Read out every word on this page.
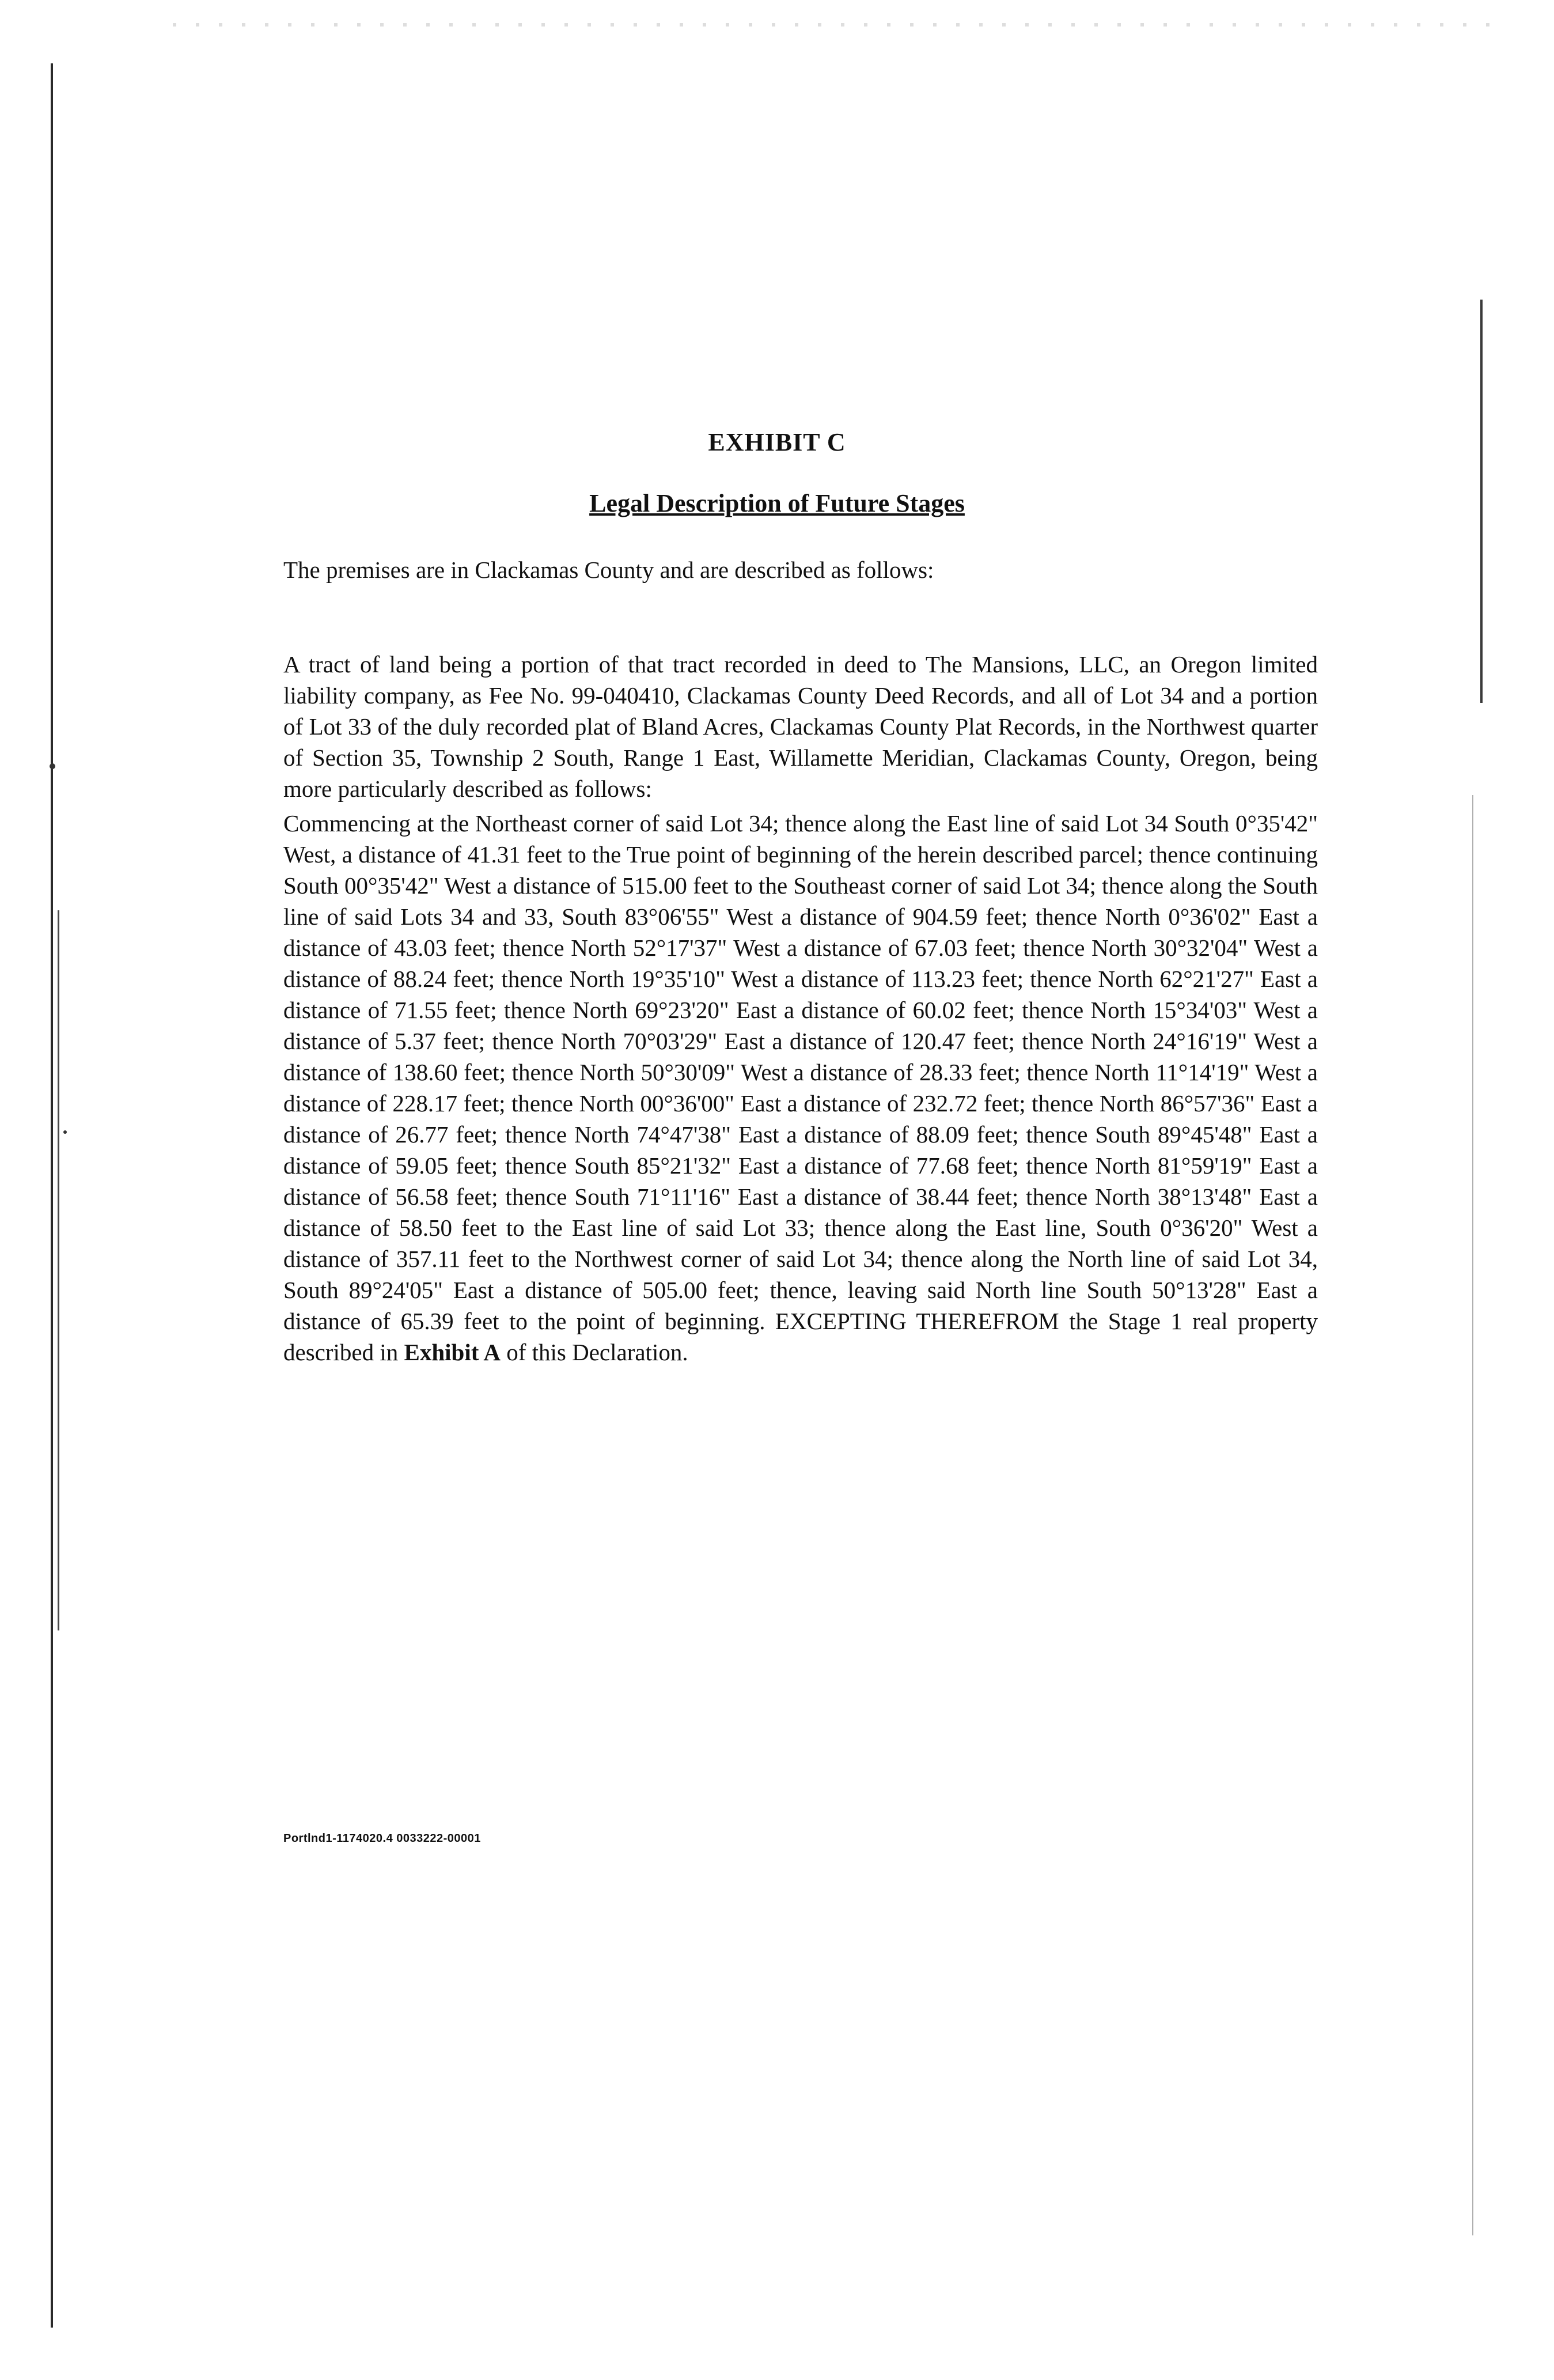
EXHIBIT C
Legal Description of Future Stages

The premises are in Clackamas County and are described as follows:

A tract of land being a portion of that tract recorded in deed to The Mansions, LLC, an Oregon limited liability company, as Fee No. 99-040410, Clackamas County Deed Records, and all of Lot 34 and a portion of Lot 33 of the duly recorded plat of Bland Acres, Clackamas County Plat Records, in the Northwest quarter of Section 35, Township 2 South, Range 1 East, Willamette Meridian, Clackamas County, Oregon, being more particularly described as follows:

Commencing at the Northeast corner of said Lot 34; thence along the East line of said Lot 34 South 0°35'42" West, a distance of 41.31 feet to the True point of beginning of the herein described parcel; thence continuing South 00°35'42" West a distance of 515.00 feet to the Southeast corner of said Lot 34; thence along the South line of said Lots 34 and 33, South 83°06'55" West a distance of 904.59 feet; thence North 0°36'02" East a distance of 43.03 feet; thence North 52°17'37" West a distance of 67.03 feet; thence North 30°32'04" West a distance of 88.24 feet; thence North 19°35'10" West a distance of 113.23 feet; thence North 62°21'27" East a distance of 71.55 feet; thence North 69°23'20" East a distance of 60.02 feet; thence North 15°34'03" West a distance of 5.37 feet; thence North 70°03'29" East a distance of 120.47 feet; thence North 24°16'19" West a distance of 138.60 feet; thence North 50°30'09" West a distance of 28.33 feet; thence North 11°14'19" West a distance of 228.17 feet; thence North 00°36'00" East a distance of 232.72 feet; thence North 86°57'36" East a distance of 26.77 feet; thence North 74°47'38" East a distance of 88.09 feet; thence South 89°45'48" East a distance of 59.05 feet; thence South 85°21'32" East a distance of 77.68 feet; thence North 81°59'19" East a distance of 56.58 feet; thence South 71°11'16" East a distance of 38.44 feet; thence North 38°13'48" East a distance of 58.50 feet to the East line of said Lot 33; thence along the East line, South 0°36'20" West a distance of 357.11 feet to the Northwest corner of said Lot 34; thence along the North line of said Lot 34, South 89°24'05" East a distance of 505.00 feet; thence, leaving said North line South 50°13'28" East a distance of 65.39 feet to the point of beginning. EXCEPTING THEREFROM the Stage 1 real property described in Exhibit A of this Declaration.

Portlnd1-1174020.4 0033222-00001
